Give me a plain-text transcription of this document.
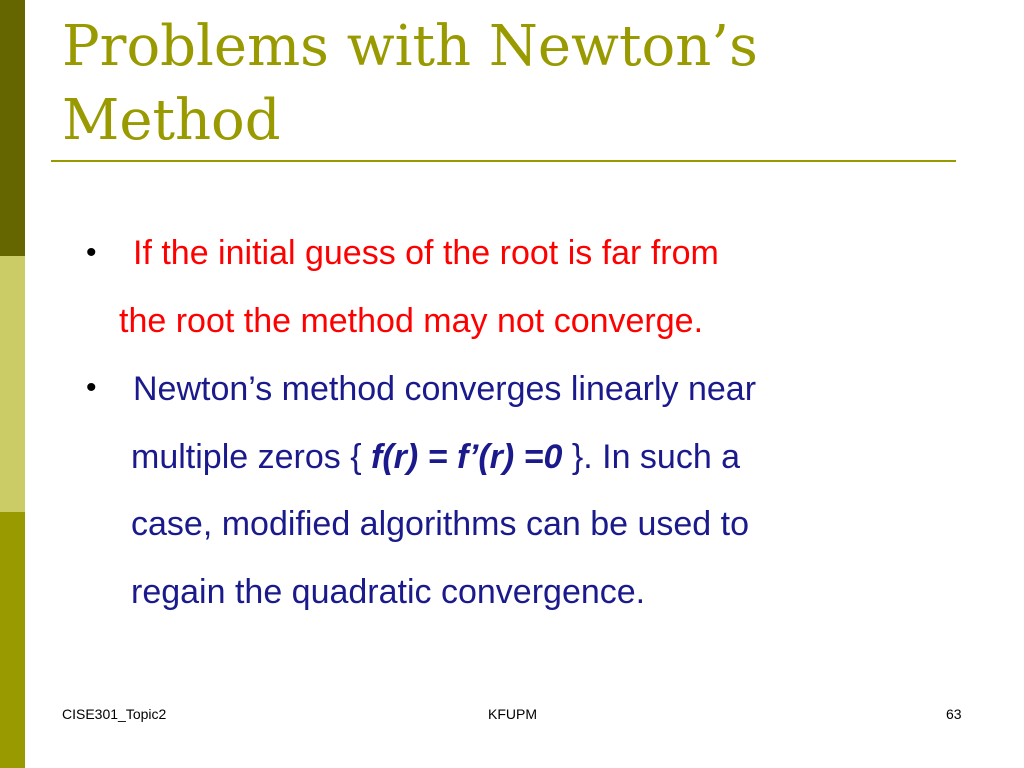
Problems with Newton’s
Method
• If the initial guess of the root is far from
the root the method may not converge.
• Newton’s method converges linearly near
multiple zeros { f(r) = f’(r) =0 }. In such a
case, modified algorithms can be used to
regain the quadratic convergence.
CISE301_Topic2	KFUPM	63
